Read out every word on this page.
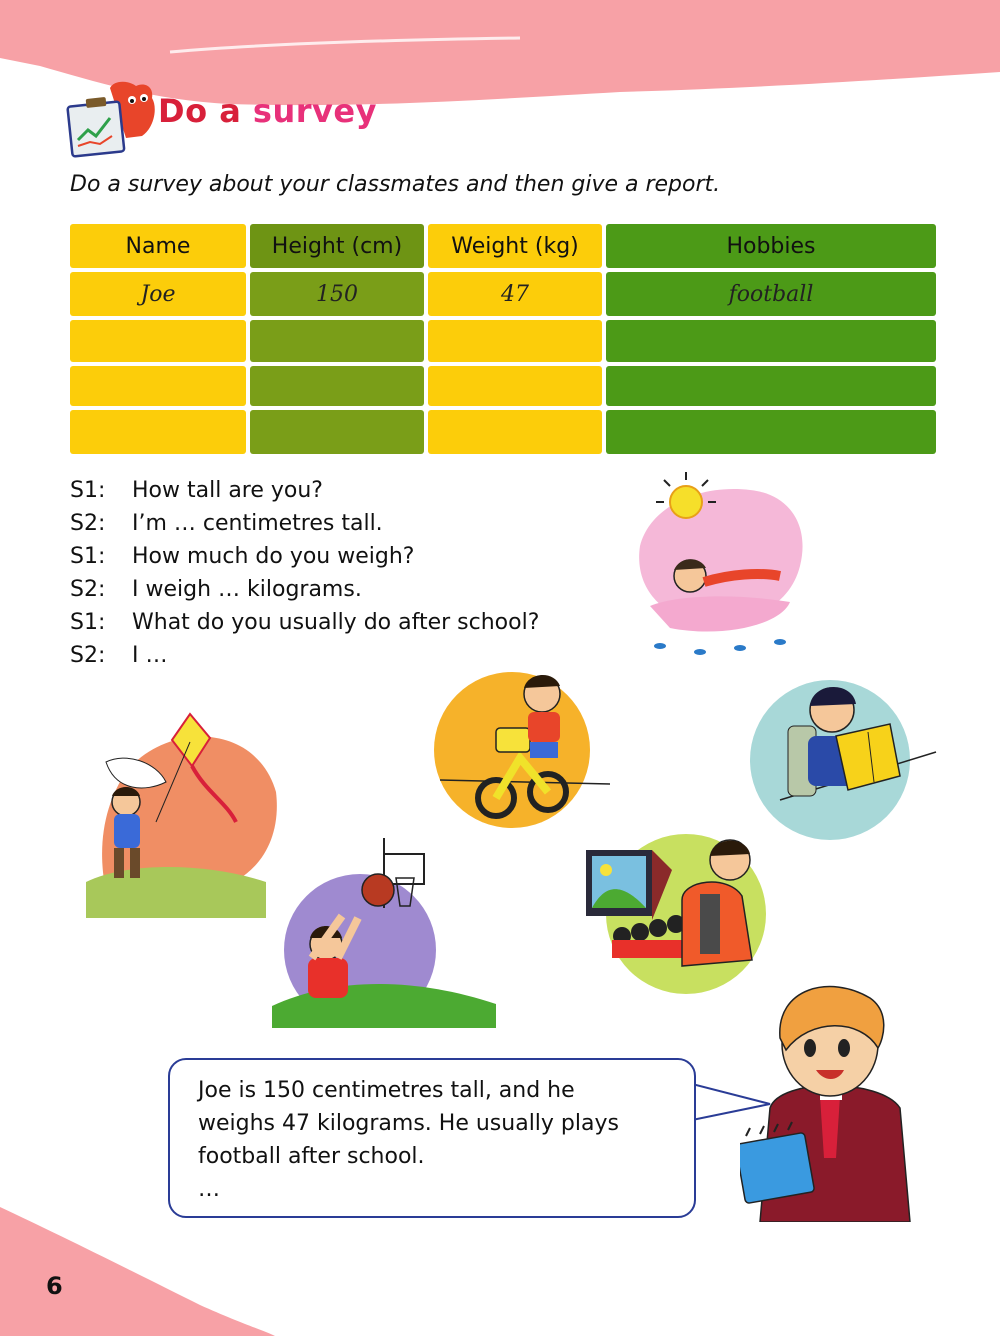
Do a survey
Do a survey about your classmates and then give a report.
Name	Height (cm)	Weight (kg)	Hobbies
Joe	150	47	football
S1:	How tall are you?
S2:	I’m … centimetres tall.
S1:	How much do you weigh?
S2:	I weigh … kilograms.
S1:	What do you usually do after school?
S2:	I …
Joe is 150 centimetres tall, and he
weighs 47 kilograms. He usually plays
football after school.
…
6
